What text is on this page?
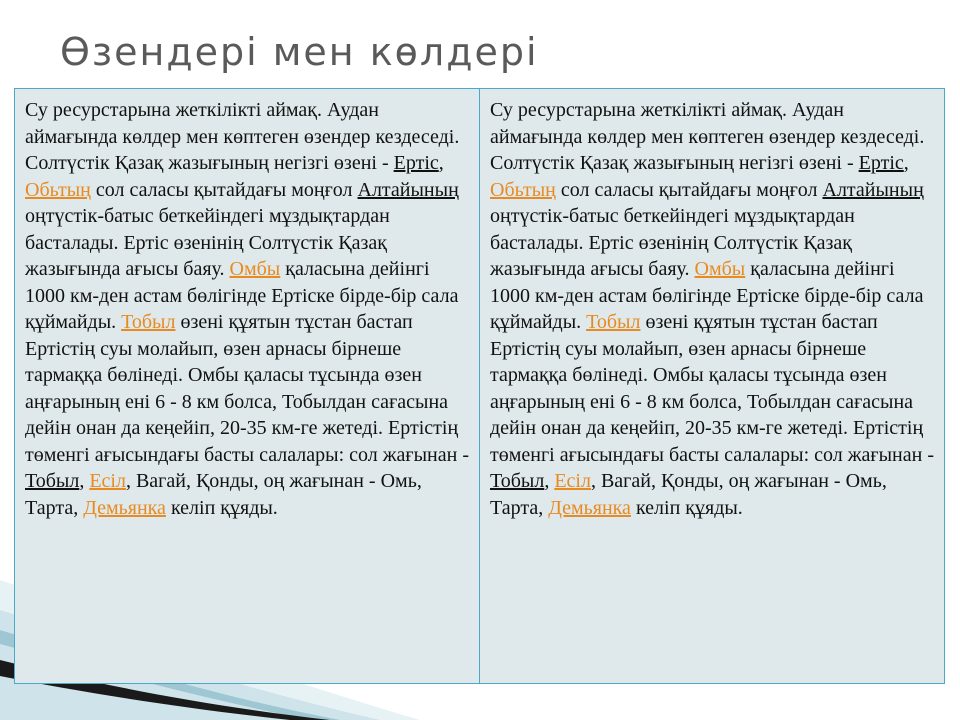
Өзендері мен көлдері
Су ресурстарына жеткілікті аймақ. Аудан аймағында көлдер мен көптеген өзендер кездеседі. Солтүстік Қазақ жазығының негізгі өзені - Ертіс, Обьтың сол саласы қытайдағы моңғол Алтайының оңтүстік-батыс беткейіндегі мұздықтардан басталады. Ертіс өзенінің Солтүстік Қазақ жазығында ағысы баяу. Омбы қаласына дейінгі 1000 км-ден астам бөлігінде Ертіске бірде-бір сала құймайды. Тобыл өзені құятын тұстан бастап Ертістің суы молайып, өзен арнасы бірнеше тармаққа бөлінеді. Омбы қаласы тұсында өзен аңғарының ені 6 - 8 км болса, Тобылдан сағасына дейін онан да кеңейіп, 20-35 км-ге жетеді. Ертістің төменгі ағысындағы басты салалары: сол жағынан - Тобыл, Есіл, Вагай, Қонды, оң жағынан - Омь, Тарта, Демьянка келіп құяды.
Су ресурстарына жеткілікті аймақ. Аудан аймағында көлдер мен көптеген өзендер кездеседі. Солтүстік Қазақ жазығының негізгі өзені - Ертіс, Обьтың сол саласы қытайдағы моңғол Алтайының оңтүстік-батыс беткейіндегі мұздықтардан басталады. Ертіс өзенінің Солтүстік Қазақ жазығында ағысы баяу. Омбы қаласына дейінгі 1000 км-ден астам бөлігінде Ертіске бірде-бір сала құймайды. Тобыл өзені құятын тұстан бастап Ертістің суы молайып, өзен арнасы бірнеше тармаққа бөлінеді. Омбы қаласы тұсында өзен аңғарының ені 6 - 8 км болса, Тобылдан сағасына дейін онан да кеңейіп, 20-35 км-ге жетеді. Ертістің төменгі ағысындағы басты салалары: сол жағынан - Тобыл, Есіл, Вагай, Қонды, оң жағынан - Омь, Тарта, Демьянка келіп құяды.
